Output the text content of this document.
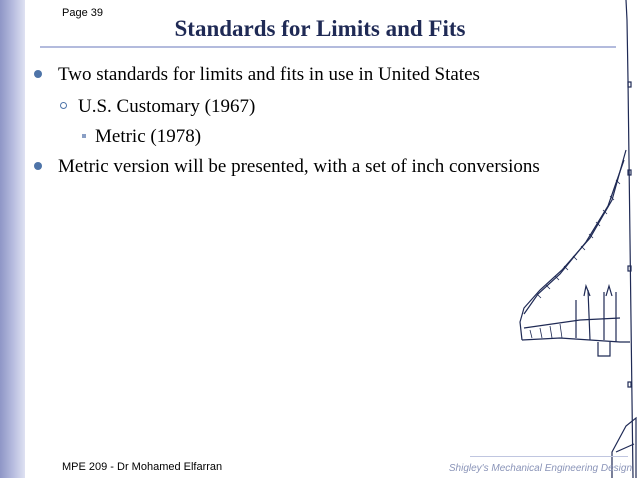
Page 39
Standards for Limits and Fits
Two standards for limits and fits in use in United States
U.S. Customary (1967)
Metric (1978)
Metric version will be presented, with a set of inch conversions
MPE 209 - Dr Mohamed Elfarran	Shigley's Mechanical Engineering Design
